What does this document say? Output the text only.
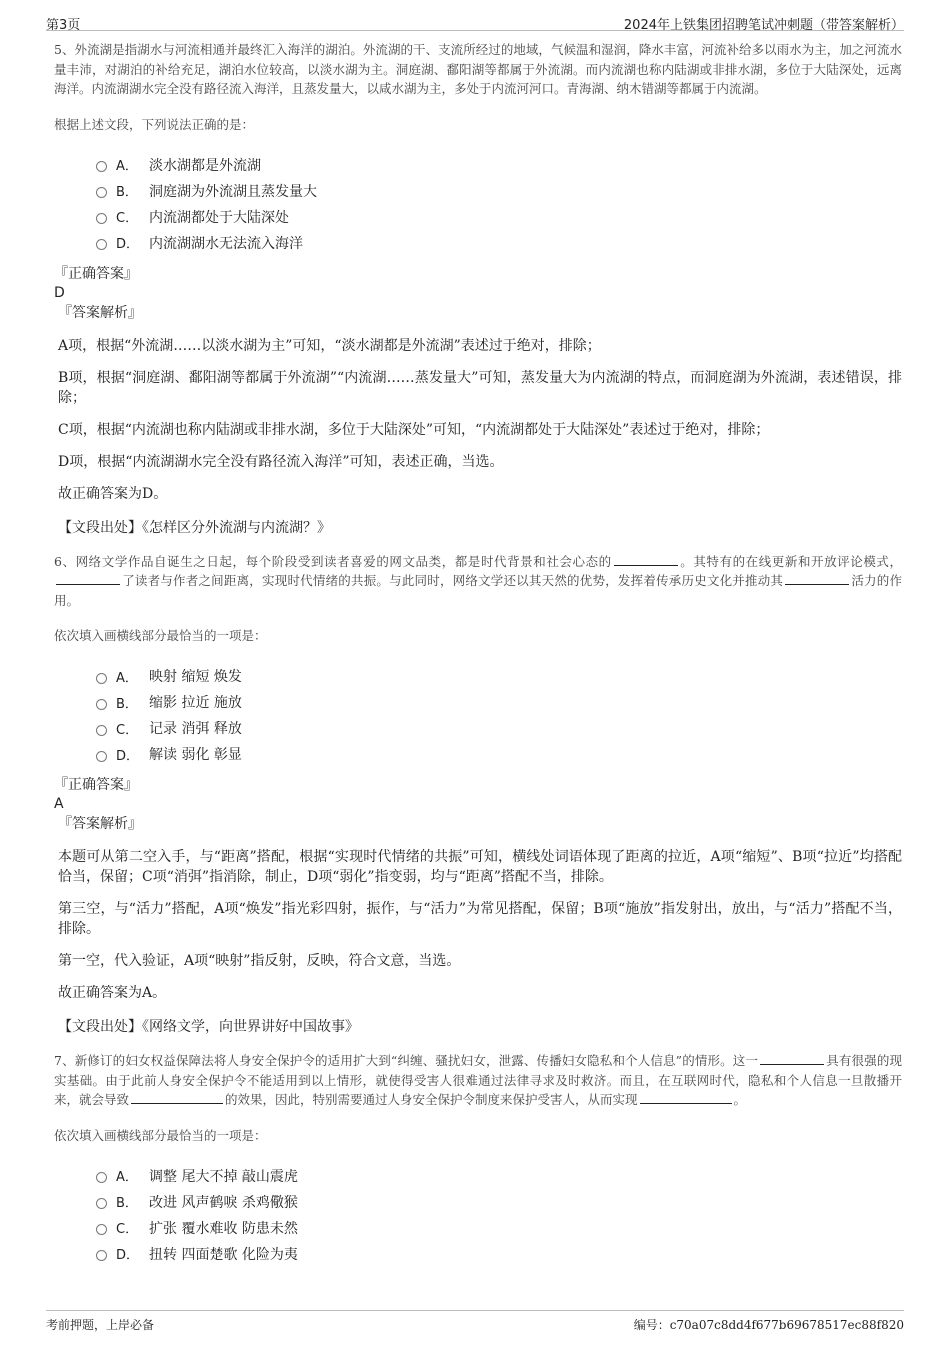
第3页	2024年上铁集团招聘笔试冲刺题（带答案解析）

5、外流湖是指湖水与河流相通并最终汇入海洋的湖泊。外流湖的干、支流所经过的地域，气候温和湿润，降水丰富，河流补给多以雨水为主，加之河流水量丰沛，对湖泊的补给充足，湖泊水位较高，以淡水湖为主。洞庭湖、鄱阳湖等都属于外流湖。而内流湖也称内陆湖或非排水湖，多位于大陆深处，远离海洋。内流湖湖水完全没有路径流入海洋，且蒸发量大，以咸水湖为主，多处于内流河河口。青海湖、纳木错湖等都属于内流湖。

根据上述文段，下列说法正确的是：

A． 淡水湖都是外流湖
B． 洞庭湖为外流湖且蒸发量大
C． 内流湖都处于大陆深处
D． 内流湖湖水无法流入海洋

『正确答案』

D

『答案解析』

A项，根据“外流湖……以淡水湖为主”可知，“淡水湖都是外流湖”表述过于绝对，排除；

B项，根据“洞庭湖、鄱阳湖等都属于外流湖”“内流湖……蒸发量大”可知，蒸发量大为内流湖的特点，而洞庭湖为外流湖，表述错误，排除；

C项，根据“内流湖也称内陆湖或非排水湖，多位于大陆深处”可知，“内流湖都处于大陆深处”表述过于绝对，排除；

D项，根据“内流湖湖水完全没有路径流入海洋”可知，表述正确，当选。

故正确答案为D。

【文段出处】《怎样区分外流湖与内流湖？》

6、网络文学作品自诞生之日起，每个阶段受到读者喜爱的网文品类，都是时代背景和社会心态的	。其特有的在线更新和开放评论模式，了读者与作者之间距离，实现时代情绪的共振。与此同时，网络文学还以其天然的优势，发挥着传承历史文化并推动其	活力的作用。

依次填入画横线部分最恰当的一项是：

A． 映射 缩短 焕发
B． 缩影 拉近 施放
C． 记录 消弭 释放
D． 解读 弱化 彰显

『正确答案』

A

『答案解析』

本题可从第二空入手，与“距离”搭配，根据“实现时代情绪的共振”可知，横线处词语体现了距离的拉近，A项“缩短”、B项“拉近”均搭配恰当，保留；C项“消弭”指消除，制止，D项“弱化”指变弱，均与“距离”搭配不当，排除。

第三空，与“活力”搭配，A项“焕发”指光彩四射，振作，与“活力”为常见搭配，保留；B项“施放”指发射出，放出，与“活力”搭配不当，排除。

第一空，代入验证，A项“映射”指反射，反映，符合文意，当选。

故正确答案为A。

【文段出处】《网络文学，向世界讲好中国故事》

7、新修订的妇女权益保障法将人身安全保护令的适用扩大到“纠缠、骚扰妇女，泄露、传播妇女隐私和个人信息”的情形。这一	具有很强的现实基础。由于此前人身安全保护令不能适用到以上情形，就使得受害人很难通过法律寻求及时救济。而且，在互联网时代，隐私和个人信息一旦散播开来，就会导致	的效果，因此，特别需要通过人身安全保护令制度来保护受害人，从而实现	。

依次填入画横线部分最恰当的一项是：

A． 调整 尾大不掉 敲山震虎
B． 改进 风声鹤唳 杀鸡儆猴
C． 扩张 覆水难收 防患未然
D． 扭转 四面楚歌 化险为夷
考前押题，上岸必备	编号：c70a07c8dd4f677b69678517ec88f820
